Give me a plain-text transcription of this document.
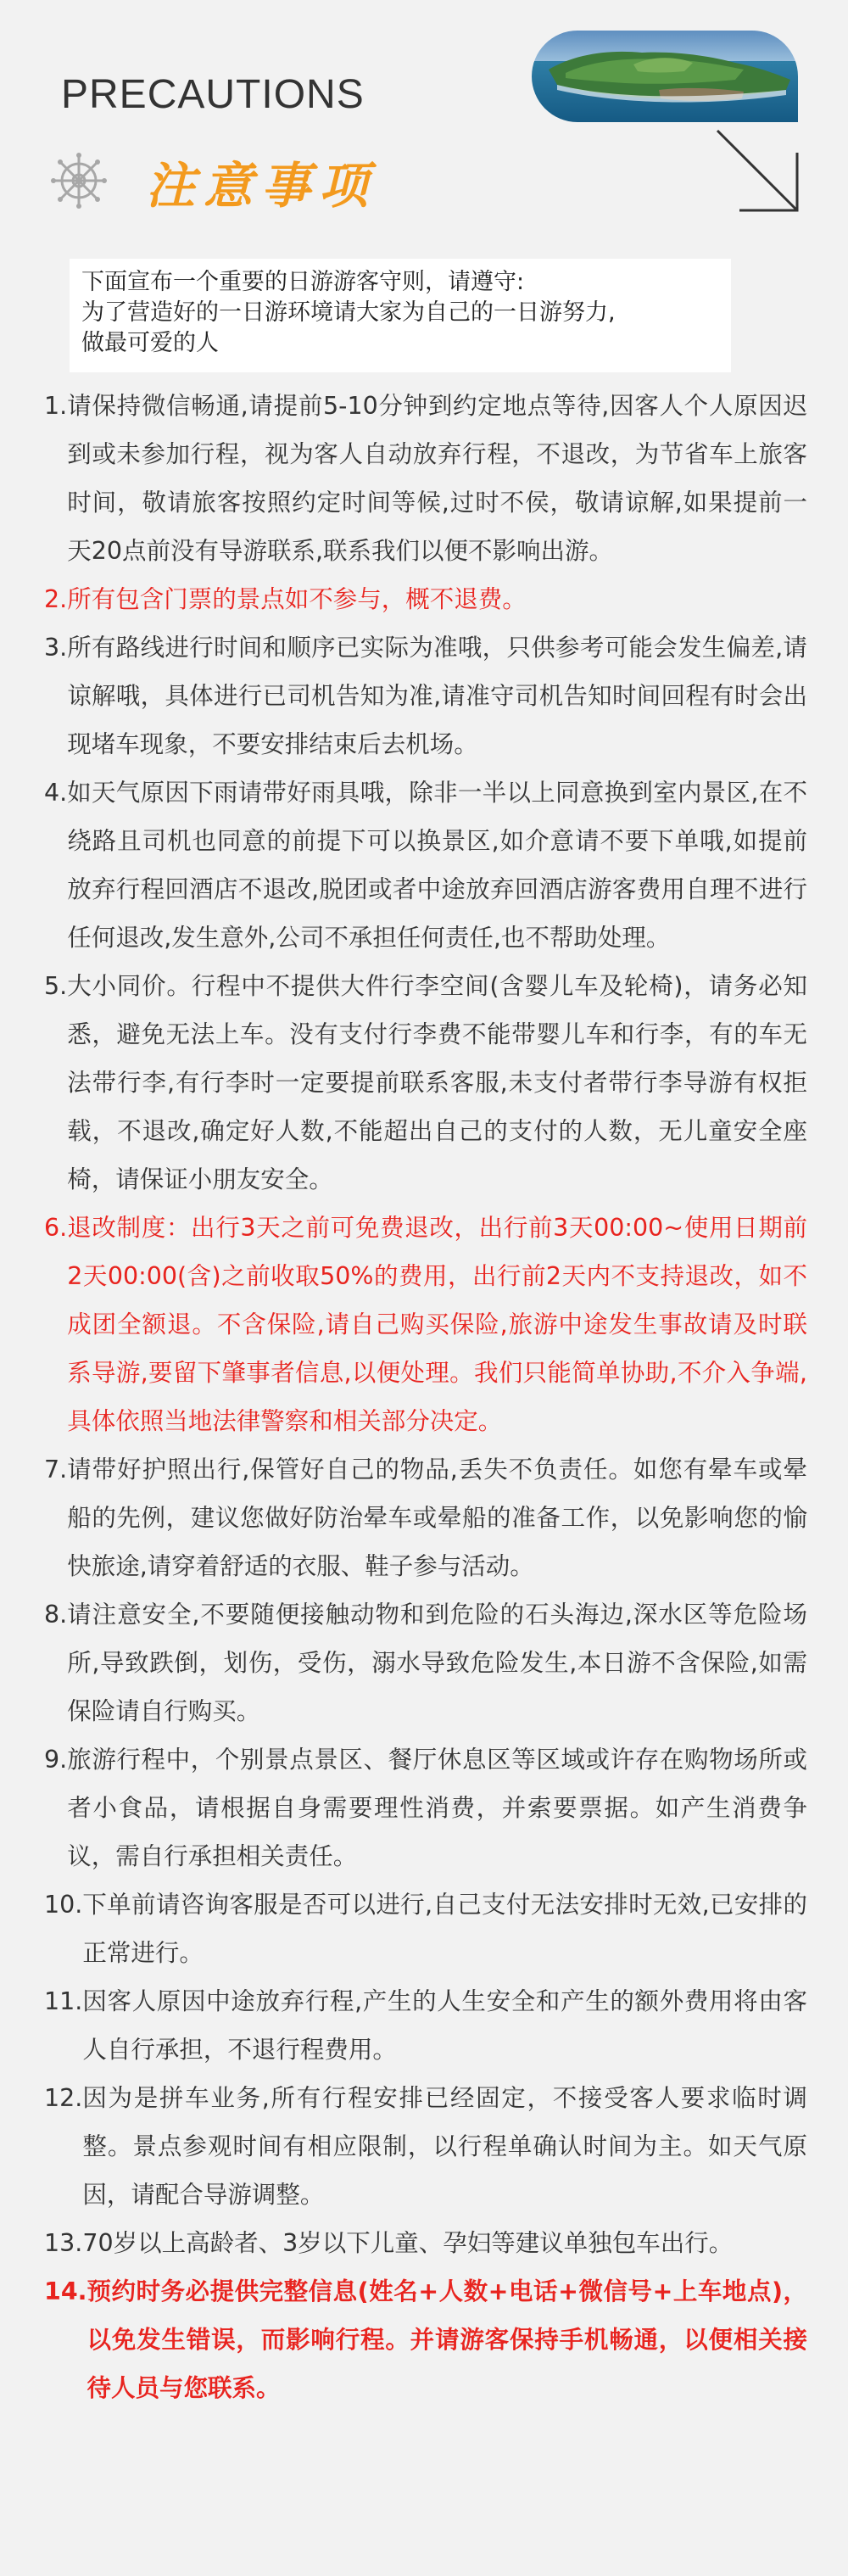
PRECAUTIONS
注意事项
下面宣布一个重要的日游游客守则，请遵守:
为了营造好的一日游环境请大家为自己的一日游努力,
做最可爱的人
1. 请保持微信畅通,请提前5-10分钟到约定地点等待,因客人个人原因迟到或未参加行程，视为客人自动放弃行程，不退改，为节省车上旅客时间，敬请旅客按照约定时间等候,过时不侯，敬请谅解,如果提前一天20点前没有导游联系,联系我们以便不影响出游。
2. 所有包含门票的景点如不参与，概不退费。
3. 所有路线进行时间和顺序已实际为准哦，只供参考可能会发生偏差,请谅解哦，具体进行已司机告知为准,请准守司机告知时间回程有时会出现堵车现象，不要安排结束后去机场。
4. 如天气原因下雨请带好雨具哦，除非一半以上同意换到室内景区,在不绕路且司机也同意的前提下可以换景区,如介意请不要下单哦,如提前放弃行程回酒店不退改,脱团或者中途放弃回酒店游客费用自理不进行任何退改,发生意外,公司不承担任何责任,也不帮助处理。
5. 大小同价。行程中不提供大件行李空间(含婴儿车及轮椅)，请务必知悉，避免无法上车。没有支付行李费不能带婴儿车和行李，有的车无法带行李,有行李时一定要提前联系客服,未支付者带行李导游有权拒载，不退改,确定好人数,不能超出自己的支付的人数，无儿童安全座椅，请保证小朋友安全。
6. 退改制度：出行3天之前可免费退改，出行前3天00:00~使用日期前2天00:00(含)之前收取50%的费用，出行前2天内不支持退改，如不成团全额退。不含保险,请自己购买保险,旅游中途发生事故请及时联系导游,要留下肇事者信息,以便处理。我们只能简单协助,不介入争端,具体依照当地法律警察和相关部分决定。
7. 请带好护照出行,保管好自己的物品,丢失不负责任。如您有晕车或晕船的先例，建议您做好防治晕车或晕船的准备工作，以免影响您的愉快旅途,请穿着舒适的衣服、鞋子参与活动。
8. 请注意安全,不要随便接触动物和到危险的石头海边,深水区等危险场所,导致跌倒，划伤，受伤，溺水导致危险发生,本日游不含保险,如需保险请自行购买。
9. 旅游行程中，个别景点景区、餐厅休息区等区域或许存在购物场所或者小食品，请根据自身需要理性消费，并索要票据。如产生消费争议，需自行承担相关责任。
10. 下单前请咨询客服是否可以进行,自己支付无法安排时无效,已安排的正常进行。
11. 因客人原因中途放弃行程,产生的人生安全和产生的额外费用将由客人自行承担，不退行程费用。
12. 因为是拼车业务,所有行程安排已经固定，不接受客人要求临时调整。景点参观时间有相应限制，以行程单确认时间为主。如天气原因，请配合导游调整。
13. 70岁以上高龄者、3岁以下儿童、孕妇等建议单独包车出行。
14. 预约时务必提供完整信息(姓名+人数+电话+微信号+上车地点)，以免发生错误，而影响行程。并请游客保持手机畅通，以便相关接待人员与您联系。
